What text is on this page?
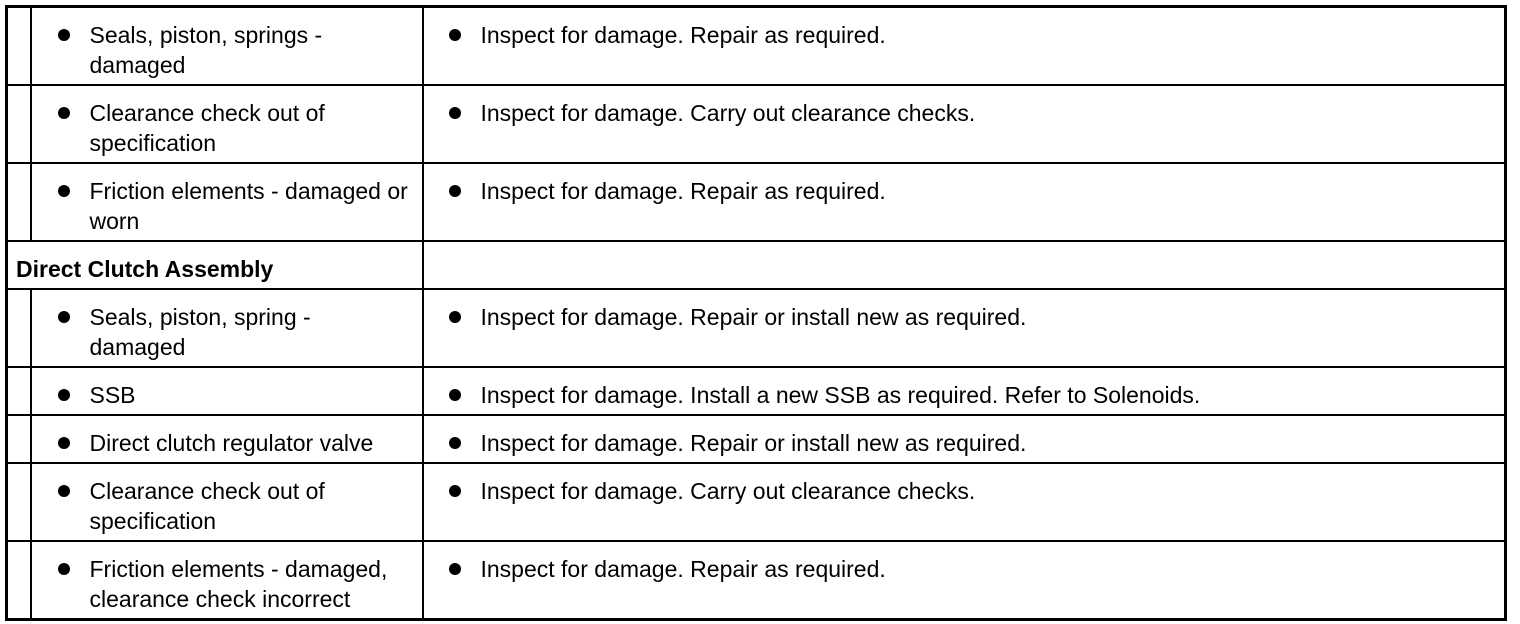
	Seals, piston, springs - damaged	Inspect for damage. Repair as required.

	Clearance check out of specification	Inspect for damage. Carry out clearance checks.

	Friction elements - damaged or worn	Inspect for damage. Repair as required.

Direct Clutch Assembly		

	Seals, piston, spring - damaged	Inspect for damage. Repair or install new as required.

	SSB	Inspect for damage. Install a new SSB as required. Refer to Solenoids.

	Direct clutch regulator valve	Inspect for damage. Repair or install new as required.

	Clearance check out of specification	Inspect for damage. Carry out clearance checks.

	Friction elements - damaged, clearance check incorrect	Inspect for damage. Repair as required.
